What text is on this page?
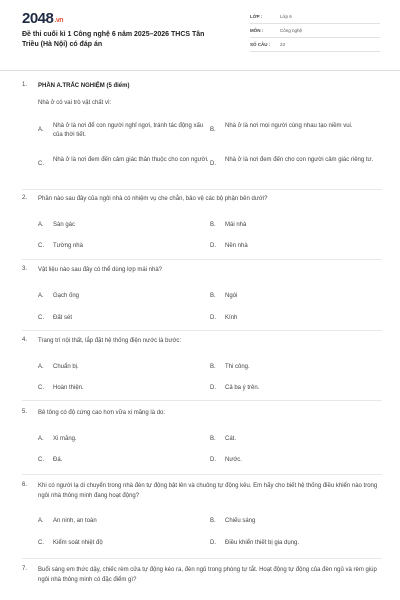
2048.vn
Đề thi cuối kì 1 Công nghệ 6 năm 2025–2026 THCS Tân Triều (Hà Nội) có đáp án
LỚP :	Lớp 6
MÔN :	Công nghệ
SỐ CÂU :	23
1. PHẦN A.TRẮC NGHIỆM (5 điểm)
Nhà ở có vai trò vật chất vì:
A.
Nhà ở là nơi để con người nghỉ ngơi, tránh tác động xấu của thời tiết.
B.
Nhà ở là nơi mọi người cùng nhau tạo niềm vui.
C.
Nhà ở là nơi đem đến cảm giác thân thuộc cho con người.
D.
Nhà ở là nơi đem đến cho con người cảm giác riêng tư.
2. Phần nào sau đây của ngôi nhà có nhiệm vụ che chắn, bảo vệ các bộ phận bên dưới?
A. Sàn gác	B. Mái nhà
C. Tường nhà	D. Nền nhà
3. Vật liệu nào sau đây có thể dùng lợp mái nhà?
A. Gạch ống	B. Ngói
C. Đất sét	D. Kính
4. Trang trí nội thất, lắp đặt hệ thống điện nước là bước:
A. Chuẩn bị.	B. Thi công.
C. Hoàn thiện.	D. Cả ba ý trên.
5. Bê tông có độ cứng cao hơn vữa xi măng là do:
A. Xi măng.	B. Cát.
C. Đá.	D. Nước.
6. Khi có người lạ di chuyển trong nhà đèn tự động bật lên và chuông tự động kêu. Em hãy cho biết hệ thống điều khiển nào trong ngôi nhà thông minh đang hoạt động?
A. An ninh, an toàn	B. Chiếu sáng
C. Kiểm soát nhiệt độ	D. Điều khiển thiết bị gia dụng.
7. Buổi sáng em thức dậy, chiếc rèm cửa tự động kéo ra, đèn ngủ trong phòng tự tắt. Hoạt động tự động của đèn ngủ và rèm giúp ngôi nhà thông minh có đặc điểm gì?
